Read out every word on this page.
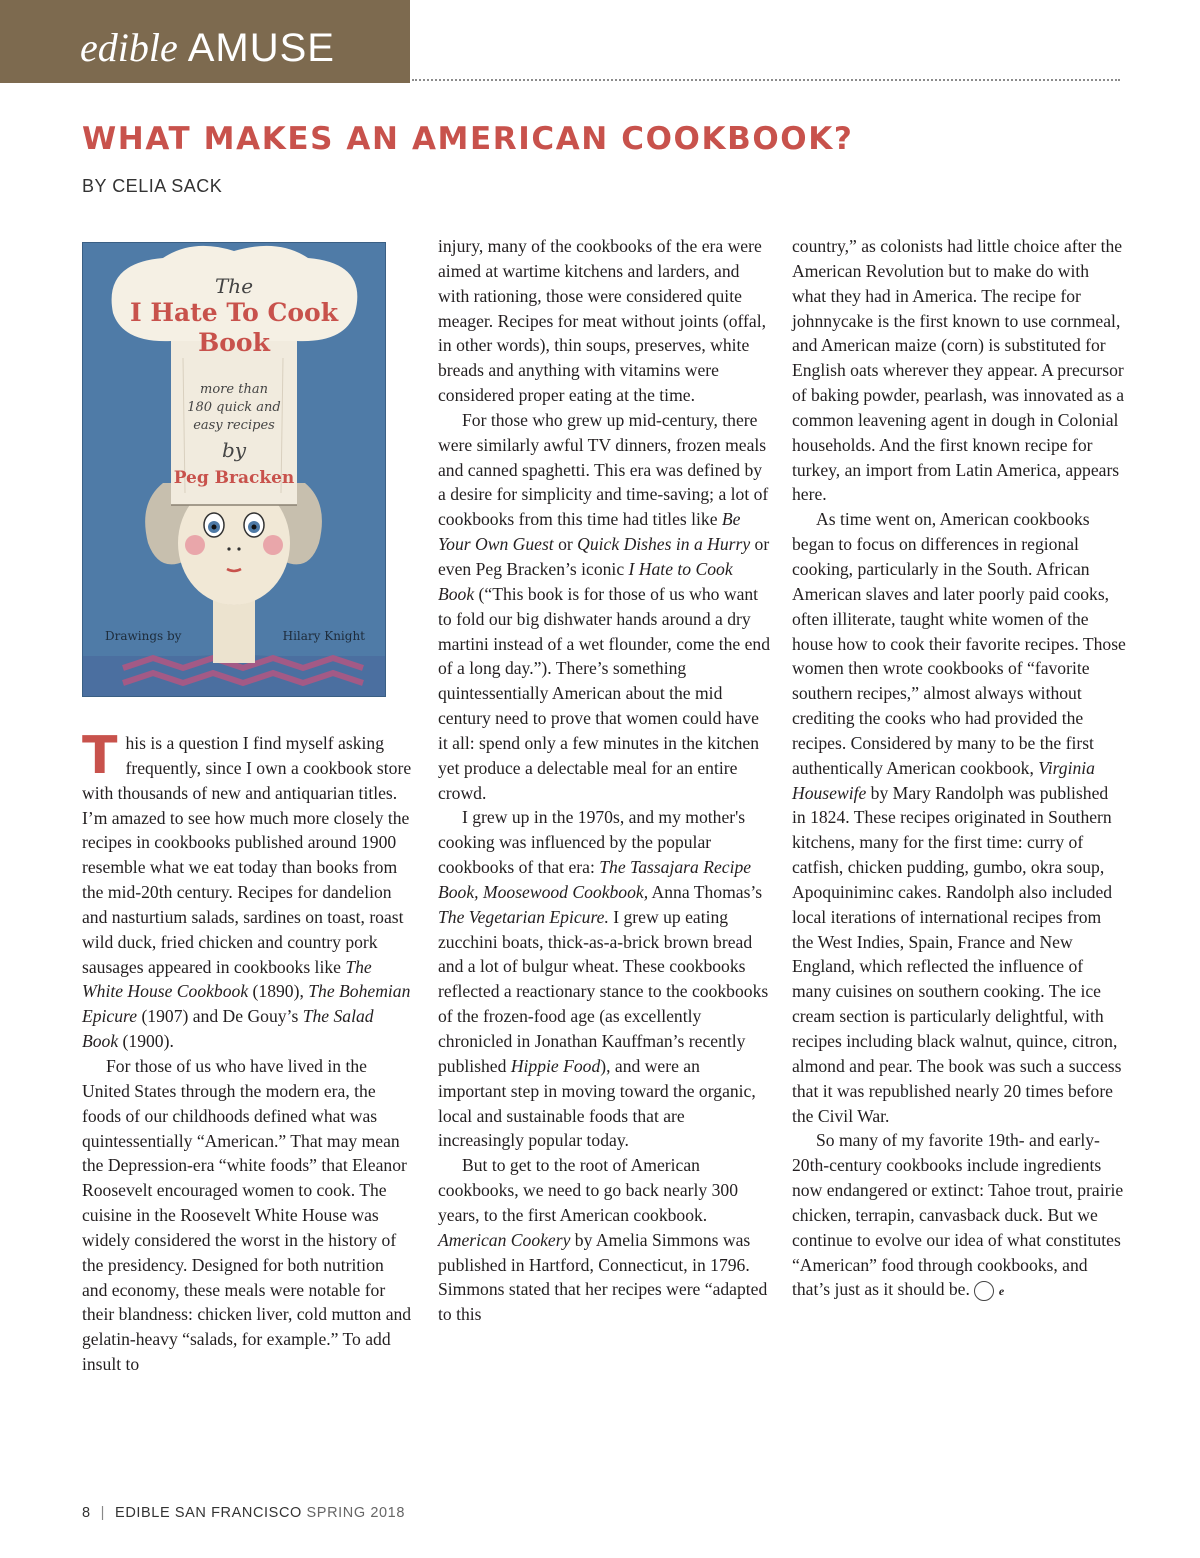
edible AMUSE
WHAT MAKES AN AMERICAN COOKBOOK?
BY CELIA SACK
The
I Hate To Cook
Book
more than
180 quick and
easy recipes
by
Peg Bracken
Drawings by	Hilary Knight

This is a question I find myself asking frequently, since I own a cookbook store with thousands of new and antiquarian titles. I’m amazed to see how much more closely the recipes in cookbooks published around 1900 resemble what we eat today than books from the mid-20th century. Recipes for dandelion and nasturtium salads, sardines on toast, roast wild duck, fried chicken and country pork sausages appeared in cookbooks like The White House Cookbook (1890), The Bohemian Epicure (1907) and De Gouy’s The Salad Book (1900).

For those of us who have lived in the United States through the modern era, the foods of our childhoods defined what was quintessentially “American.” That may mean the Depression-era “white foods” that Eleanor Roosevelt encouraged women to cook. The cuisine in the Roosevelt White House was widely considered the worst in the history of the presidency. Designed for both nutrition and economy, these meals were notable for their blandness: chicken liver, cold mutton and gelatin-heavy “salads, for example.” To add insult to

injury, many of the cookbooks of the era were aimed at wartime kitchens and larders, and with rationing, those were considered quite meager. Recipes for meat without joints (offal, in other words), thin soups, preserves, white breads and anything with vitamins were considered proper eating at the time.

For those who grew up mid-century, there were similarly awful TV dinners, frozen meals and canned spaghetti. This era was defined by a desire for simplicity and time-saving; a lot of cookbooks from this time had titles like Be Your Own Guest or Quick Dishes in a Hurry or even Peg Bracken’s iconic I Hate to Cook Book (“This book is for those of us who want to fold our big dishwater hands around a dry martini instead of a wet flounder, come the end of a long day.”). There’s something quintessentially American about the mid century need to prove that women could have it all: spend only a few minutes in the kitchen yet produce a delectable meal for an entire crowd.

I grew up in the 1970s, and my mother's cooking was influenced by the popular cookbooks of that era: The Tassajara Recipe Book, Moosewood Cookbook, Anna Thomas’s The Vegetarian Epicure. I grew up eating zucchini boats, thick-as-a-brick brown bread and a lot of bulgur wheat. These cookbooks reflected a reactionary stance to the cookbooks of the frozen-food age (as excellently chronicled in Jonathan Kauffman’s recently published Hippie Food), and were an important step in moving toward the organic, local and sustainable foods that are increasingly popular today.

But to get to the root of American cookbooks, we need to go back nearly 300 years, to the first American cookbook. American Cookery by Amelia Simmons was published in Hartford, Connecticut, in 1796. Simmons stated that her recipes were “adapted to this

country,” as colonists had little choice after the American Revolution but to make do with what they had in America. The recipe for johnnycake is the first known to use cornmeal, and American maize (corn) is substituted for English oats wherever they appear. A precursor of baking powder, pearlash, was innovated as a common leavening agent in dough in Colonial households. And the first known recipe for turkey, an import from Latin America, appears here.

As time went on, American cookbooks began to focus on differences in regional cooking, particularly in the South. African American slaves and later poorly paid cooks, often illiterate, taught white women of the house how to cook their favorite recipes. Those women then wrote cookbooks of “favorite southern recipes,” almost always without crediting the cooks who had provided the recipes. Considered by many to be the first authentically American cookbook, Virginia Housewife by Mary Randolph was published in 1824. These recipes originated in Southern kitchens, many for the first time: curry of catfish, chicken pudding, gumbo, okra soup, Apoquiniminc cakes. Randolph also included local iterations of international recipes from the West Indies, Spain, France and New England, which reflected the influence of many cuisines on southern cooking. The ice cream section is particularly delightful, with recipes including black walnut, quince, citron, almond and pear. The book was such a success that it was republished nearly 20 times before the Civil War.

So many of my favorite 19th- and early-20th-century cookbooks include ingredients now endangered or extinct: Tahoe trout, prairie chicken, terrapin, canvasback duck. But we continue to evolve our idea of what constitutes “American” food through cookbooks, and that’s just as it should be. e

8 | EDIBLE SAN FRANCISCO SPRING 2018
